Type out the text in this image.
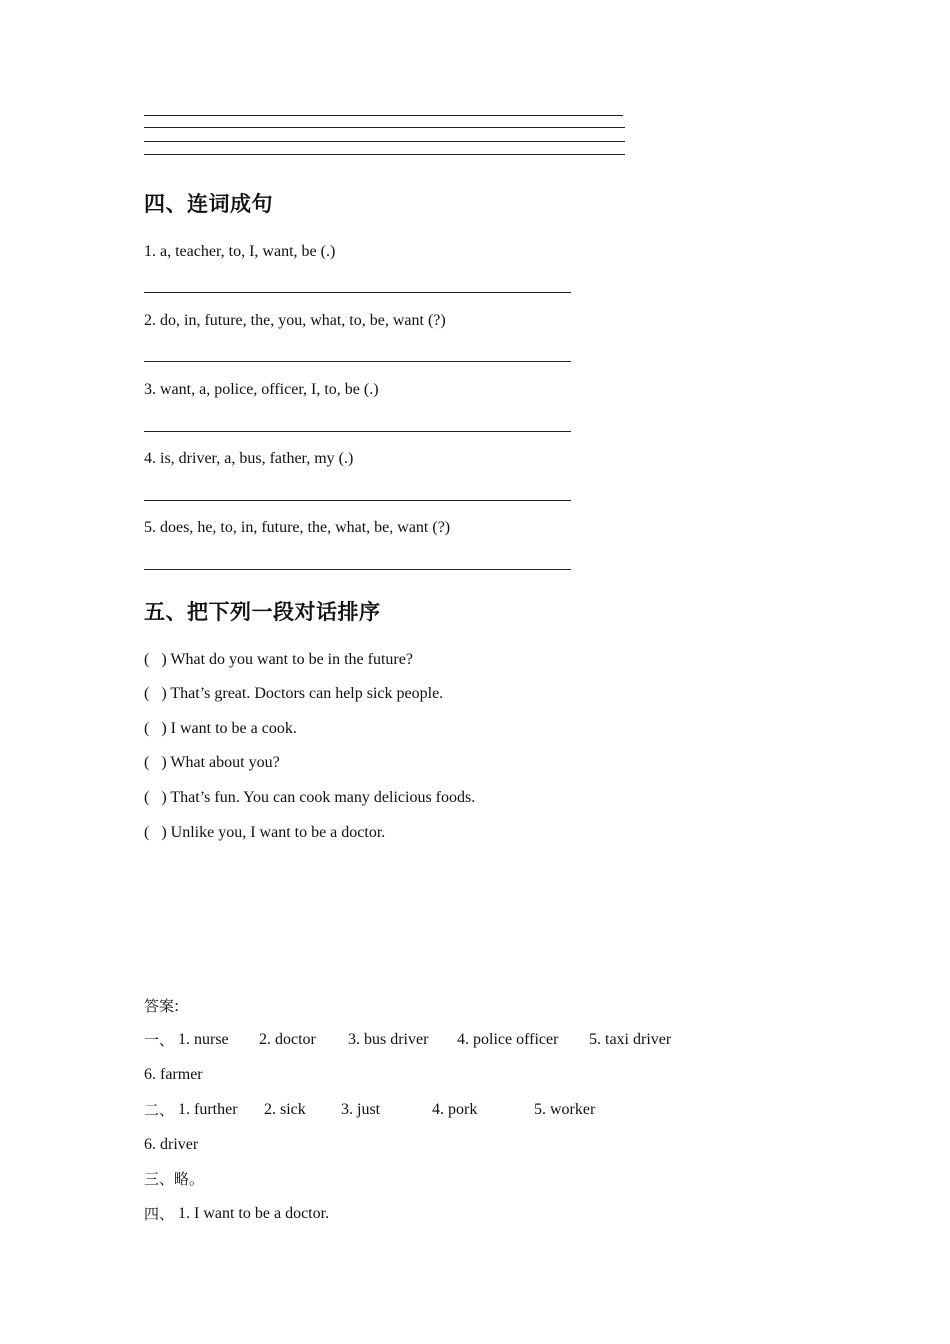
四、连词成句
1. a, teacher, to, I, want, be (.)
2. do, in, future, the, you, what, to, be, want (?)
3. want, a, police, officer, I, to, be (.)
4. is, driver, a, bus, father, my (.)
5. does, he, to, in, future, the, what, be, want (?)
五、把下列一段对话排序
(   ) What do you want to be in the future?
(   ) That’s great. Doctors can help sick people.
(   ) I want to be a cook.
(   ) What about you?
(   ) That’s fun. You can cook many delicious foods.
(   ) Unlike you, I want to be a doctor.
答案:
一、 1. nurse 2. doctor 3. bus driver 4. police officer 5. taxi driver
6. farmer
二、 1. further 2. sick 3. just	4. pork	5. worker
6. driver
三、略。
四、 1. I want to be a doctor.
